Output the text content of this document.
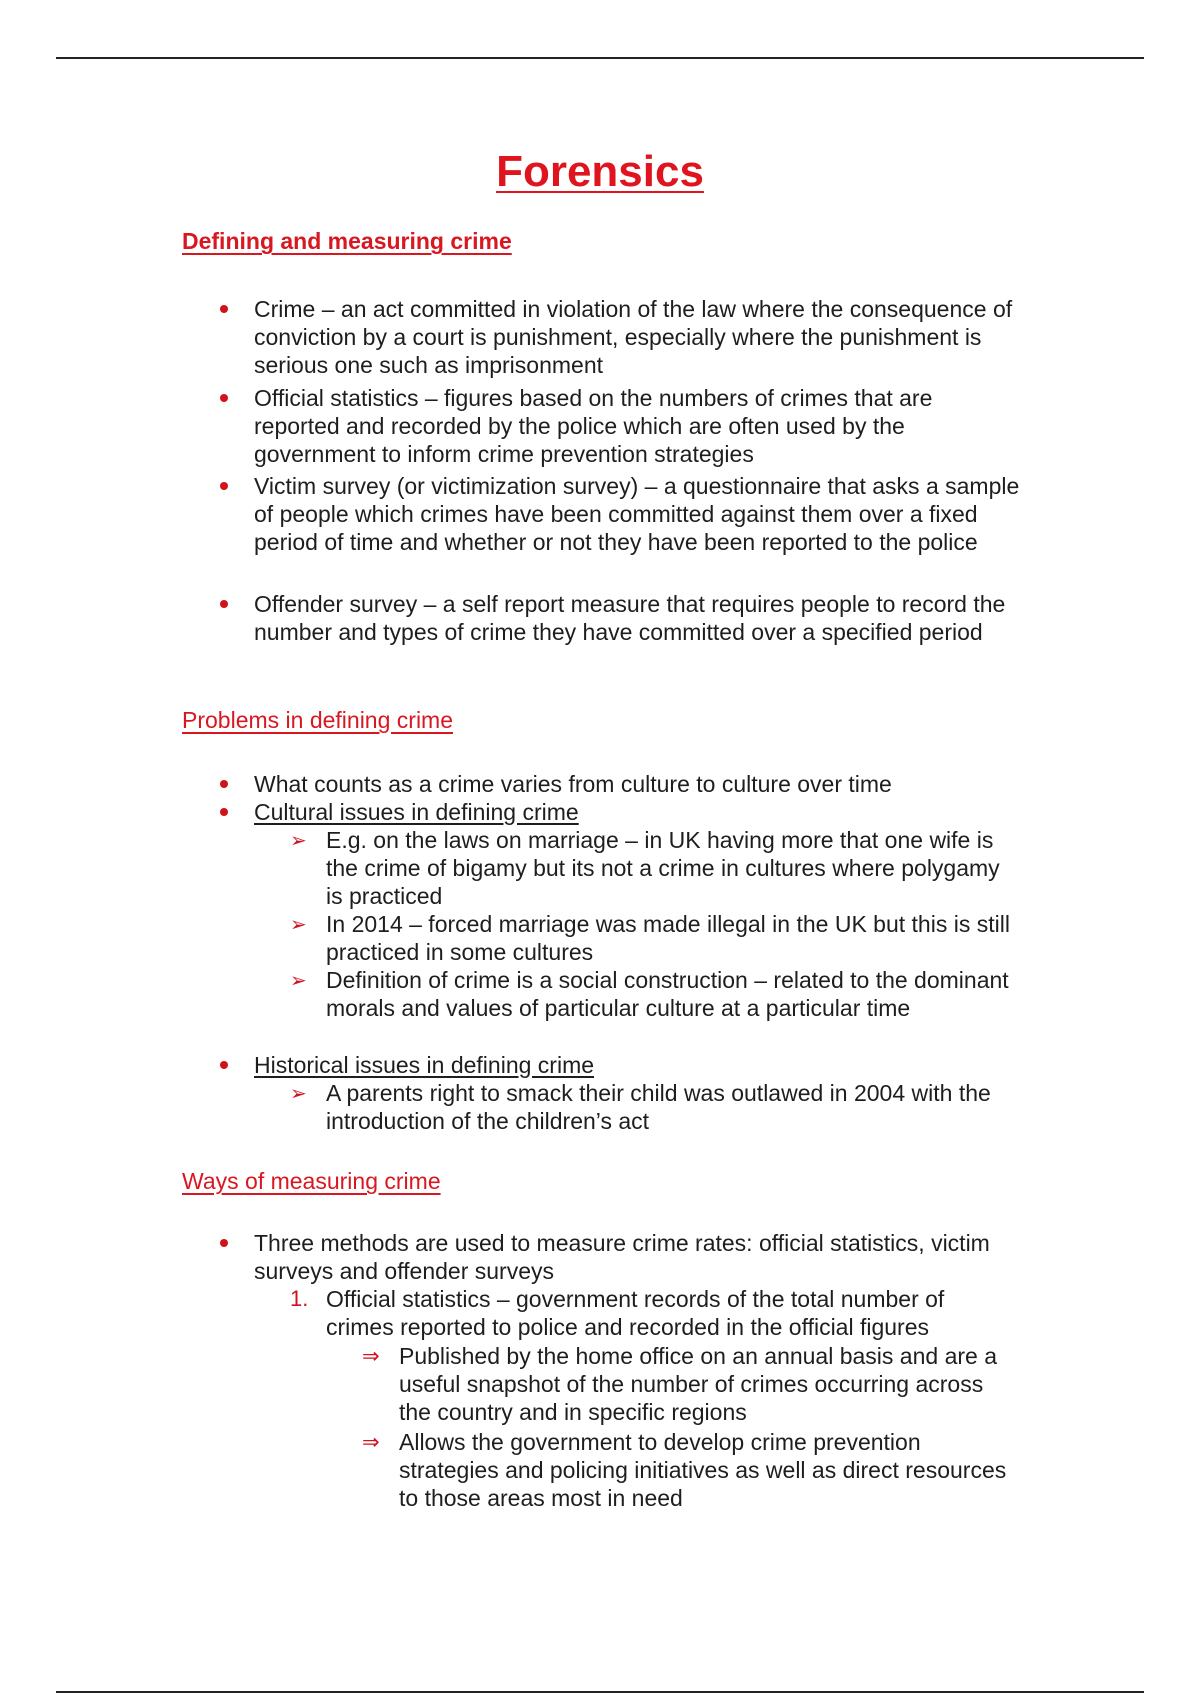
Forensics
Defining and measuring crime
Crime – an act committed in violation of the law where the consequence of conviction by a court is punishment, especially where the punishment is serious one such as imprisonment
Official statistics – figures based on the numbers of crimes that are reported and recorded by the police which are often used by the government to inform crime prevention strategies
Victim survey (or victimization survey) – a questionnaire that asks a sample of people which crimes have been committed against them over a fixed period of time and whether or not they have been reported to the police
Offender survey – a self report measure that requires people to record the number and types of crime they have committed over a specified period
Problems in defining crime
What counts as a crime varies from culture to culture over time
Cultural issues in defining crime
➢ E.g. on the laws on marriage – in UK having more that one wife is the crime of bigamy but its not a crime in cultures where polygamy is practiced
➢ In 2014 – forced marriage was made illegal in the UK but this is still practiced in some cultures
➢ Definition of crime is a social construction – related to the dominant morals and values of particular culture at a particular time
Historical issues in defining crime
➢ A parents right to smack their child was outlawed in 2004 with the introduction of the children’s act
Ways of measuring crime
Three methods are used to measure crime rates: official statistics, victim surveys and offender surveys
1. Official statistics – government records of the total number of crimes reported to police and recorded in the official figures
⇒ Published by the home office on an annual basis and are a useful snapshot of the number of crimes occurring across the country and in specific regions
⇒ Allows the government to develop crime prevention strategies and policing initiatives as well as direct resources to those areas most in need
